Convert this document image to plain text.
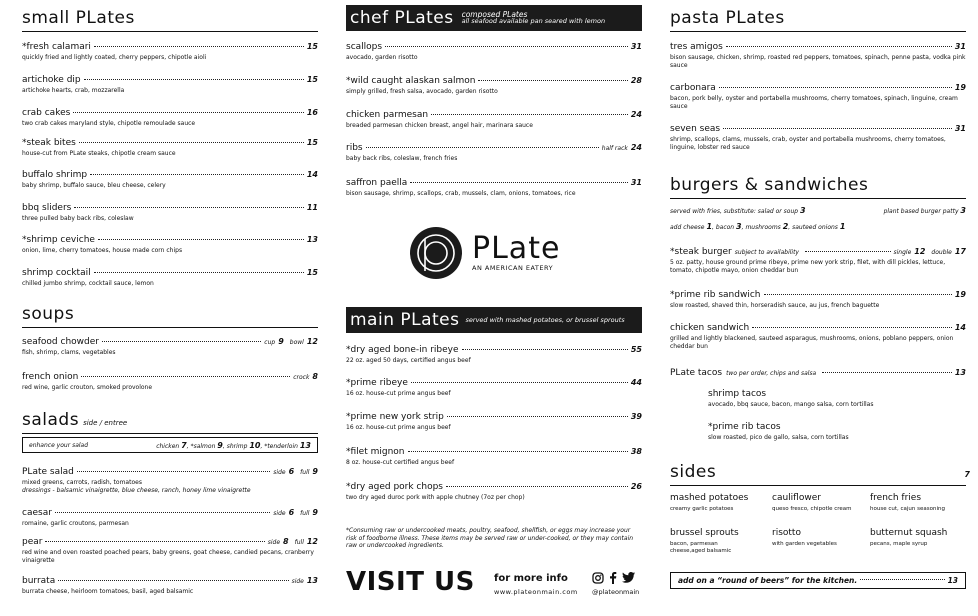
small PLates
*fresh calamari	15
quickly fried and lightly coated, cherry peppers, chipotle aioli
artichoke dip	15
artichoke hearts, crab, mozzarella
crab cakes	16
two crab cakes maryland style, chipotle remoulade sauce
*steak bites	15
house-cut from PLate steaks, chipotle cream sauce
buffalo shrimp	14
baby shrimp, buffalo sauce, bleu cheese, celery
bbq sliders	11
three pulled baby back ribs, coleslaw
*shrimp ceviche	13
onion, lime, cherry tomatoes, house made corn chips
shrimp cocktail	15
chilled jumbo shrimp, cocktail sauce, lemon
soups
seafood chowder	cup 9 bowl 12
fish, shrimp, clams, vegetables
french onion	crock 8
red wine, garlic crouton, smoked provolone
salads side / entree
enhance your salad	chicken 7, *salmon 9, shrimp 10, *tenderloin 13
PLate salad	side 6 full 9
mixed greens, carrots, radish, tomatoes
dressings - balsamic vinaigrette, blue cheese, ranch, honey lime vinaigrette
caesar	side 6 full 9
romaine, garlic croutons, parmesan
pear	side 8 full 12
red wine and oven roasted poached pears, baby greens, goat cheese, candied pecans, cranberry vinaigrette
burrata	side 13
burrata cheese, heirloom tomatoes, basil, aged balsamic
chef PLates composed PLates
all seafood available pan seared with lemon
scallops	31
avocado, garden risotto
*wild caught alaskan salmon	28
simply grilled, fresh salsa, avocado, garden risotto
chicken parmesan	24
breaded parmesan chicken breast, angel hair, marinara sauce
ribs	half rack 24
baby back ribs, coleslaw, french fries
saffron paella	31
bison sausage, shrimp, scallops, crab, mussels, clam, onions, tomatoes, rice
PLate
AN AMERICAN EATERY
main PLates served with mashed potatoes, or brussel sprouts
*dry aged bone-in ribeye	55
22 oz. aged 50 days, certified angus beef
*prime ribeye	44
16 oz. house-cut prime angus beef
*prime new york strip	39
16 oz. house-cut prime angus beef
*filet mignon	38
8 oz. house-cut certified angus beef
*dry aged pork chops	26
two dry aged duroc pork with apple chutney (7oz per chop)
*Consuming raw or undercooked meats, poultry, seafood, shellfish, or eggs may increase your risk of foodborne illness. These items may be served raw or under-cooked, or they may contain raw or undercooked ingredients.
VISIT US for more info
www.plateonmain.com @plateonmain
pasta PLates
tres amigos	31
bison sausage, chicken, shrimp, roasted red peppers, tomatoes, spinach, penne pasta, vodka pink sauce
carbonara	19
bacon, pork belly, oyster and portabella mushrooms, cherry tomatoes, spinach, linguine, cream sauce
seven seas	31
shrimp, scallops, clams, mussels, crab, oyster and portabella mushrooms, cherry tomatoes, linguine, lobster red sauce
burgers & sandwiches
served with fries, substitute: salad or soup 3	plant based burger patty 3
add cheese 1, bacon 3, mushrooms 2, sauteed onions 1
*steak burger subject to availability	single 12 double 17
5 oz. patty, house ground prime ribeye, prime new york strip, filet, with dill pickles, lettuce, tomato, chipotle mayo, onion cheddar bun
*prime rib sandwich	19
slow roasted, shaved thin, horseradish sauce, au jus, french baguette
chicken sandwich	14
grilled and lightly blackened, sauteed asparagus, mushrooms, onions, poblano peppers, onion cheddar bun
PLate tacos two per order, chips and salsa	13
shrimp tacos
avocado, bbq sauce, bacon, mango salsa, corn tortillas
*prime rib tacos
slow roasted, pico de gallo, salsa, corn tortillas
sides	7
mashed potatoes
creamy garlic potatoes
cauliflower
queso fresco, chipotle cream
french fries
house cut, cajun seasoning
brussel sprouts
bacon, parmesan cheese,aged balsamic
risotto
with garden vegetables
butternut squash
pecans, maple syrup
add on a “round of beers” for the kitchen.	13
